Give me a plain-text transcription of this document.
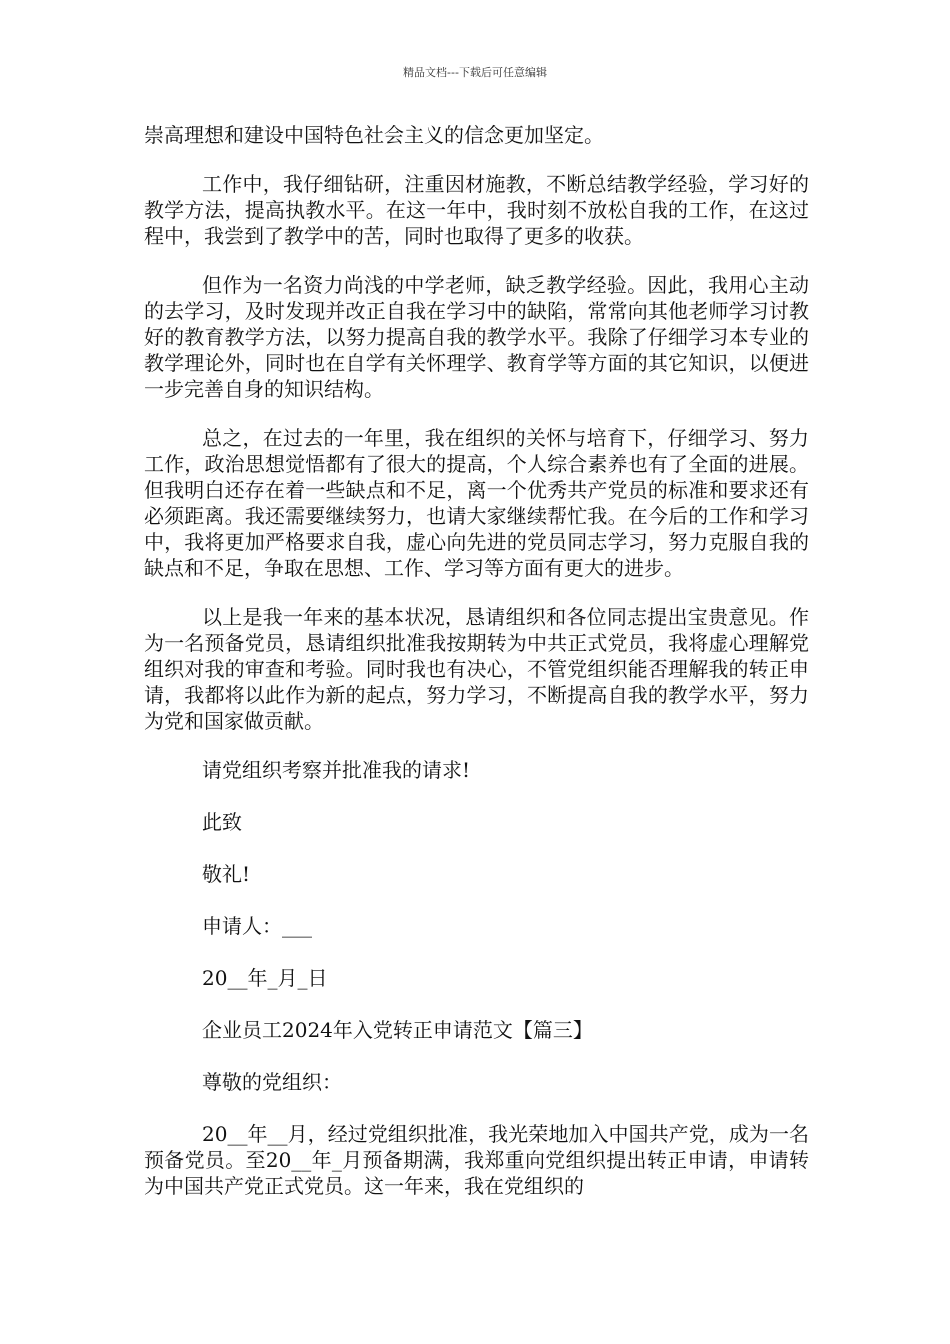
精品文档---下载后可任意编辑

崇高理想和建设中国特色社会主义的信念更加坚定。

工作中，我仔细钻研，注重因材施教，不断总结教学经验，学习好的教学方法，提高执教水平。在这一年中，我时刻不放松自我的工作，在这过程中，我尝到了教学中的苦，同时也取得了更多的收获。

但作为一名资力尚浅的中学老师，缺乏教学经验。因此，我用心主动的去学习，及时发现并改正自我在学习中的缺陷，常常向其他老师学习讨教好的教育教学方法，以努力提高自我的教学水平。我除了仔细学习本专业的教学理论外，同时也在自学有关怀理学、教育学等方面的其它知识，以便进一步完善自身的知识结构。

总之，在过去的一年里，我在组织的关怀与培育下，仔细学习、努力工作，政治思想觉悟都有了很大的提高，个人综合素养也有了全面的进展。但我明白还存在着一些缺点和不足，离一个优秀共产党员的标准和要求还有必须距离。我还需要继续努力，也请大家继续帮忙我。在今后的工作和学习中，我将更加严格要求自我，虚心向先进的党员同志学习，努力克服自我的缺点和不足，争取在思想、工作、学习等方面有更大的进步。

以上是我一年来的基本状况，恳请组织和各位同志提出宝贵意见。作为一名预备党员，恳请组织批准我按期转为中共正式党员，我将虚心理解党组织对我的审查和考验。同时我也有决心，不管党组织能否理解我的转正申请，我都将以此作为新的起点，努力学习，不断提高自我的教学水平，努力为党和国家做贡献。

请党组织考察并批准我的请求!

此致

敬礼!

申请人：___

20__年_月_日

企业员工2024年入党转正申请范文【篇三】

尊敬的党组织：

20__年__月，经过党组织批准，我光荣地加入中国共产党，成为一名预备党员。至20__年_月预备期满，我郑重向党组织提出转正申请，申请转为中国共产党正式党员。这一年来，我在党组织的
